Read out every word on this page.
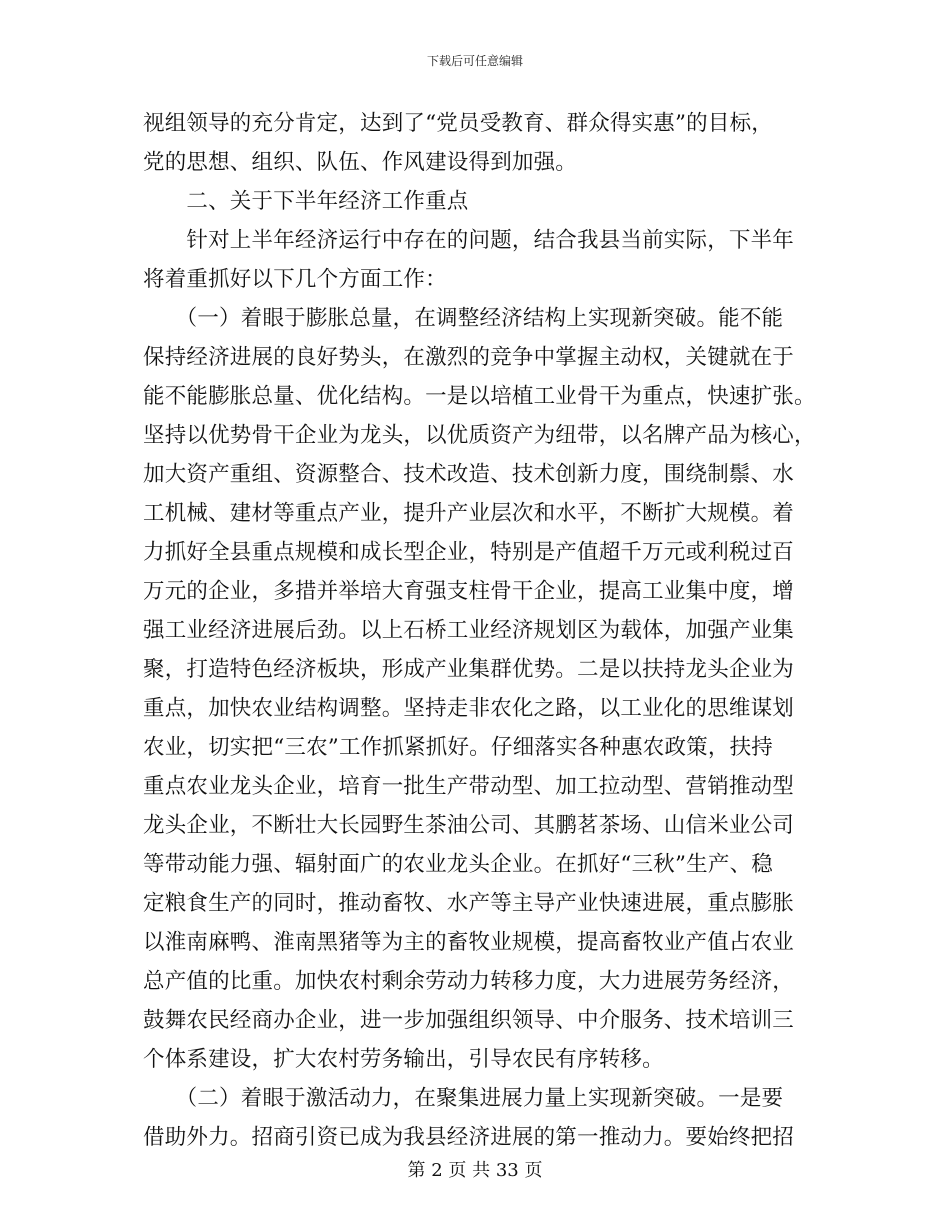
下载后可任意编辑
视组领导的充分肯定，达到了“党员受教育、群众得实惠”的目标，
党的思想、组织、队伍、作风建设得到加强。
　　二、关于下半年经济工作重点
　　针对上半年经济运行中存在的问题，结合我县当前实际，下半年
将着重抓好以下几个方面工作：
　　（一）着眼于膨胀总量，在调整经济结构上实现新突破。能不能
保持经济进展的良好势头，在激烈的竞争中掌握主动权，关键就在于
能不能膨胀总量、优化结构。一是以培植工业骨干为重点，快速扩张。
坚持以优势骨干企业为龙头，以优质资产为纽带，以名牌产品为核心，
加大资产重组、资源整合、技术改造、技术创新力度，围绕制鬃、水
工机械、建材等重点产业，提升产业层次和水平，不断扩大规模。着
力抓好全县重点规模和成长型企业，特别是产值超千万元或利税过百
万元的企业，多措并举培大育强支柱骨干企业，提高工业集中度，增
强工业经济进展后劲。以上石桥工业经济规划区为载体，加强产业集
聚，打造特色经济板块，形成产业集群优势。二是以扶持龙头企业为
重点，加快农业结构调整。坚持走非农化之路，以工业化的思维谋划
农业，切实把“三农”工作抓紧抓好。仔细落实各种惠农政策，扶持
重点农业龙头企业，培育一批生产带动型、加工拉动型、营销推动型
龙头企业，不断壮大长园野生茶油公司、其鹏茗茶场、山信米业公司
等带动能力强、辐射面广的农业龙头企业。在抓好“三秋”生产、稳
定粮食生产的同时，推动畜牧、水产等主导产业快速进展，重点膨胀
以淮南麻鸭、淮南黑猪等为主的畜牧业规模，提高畜牧业产值占农业
总产值的比重。加快农村剩余劳动力转移力度，大力进展劳务经济，
鼓舞农民经商办企业，进一步加强组织领导、中介服务、技术培训三
个体系建设，扩大农村劳务输出，引导农民有序转移。
　　（二）着眼于激活动力，在聚集进展力量上实现新突破。一是要
借助外力。招商引资已成为我县经济进展的第一推动力。要始终把招
第 2 页 共 33 页
